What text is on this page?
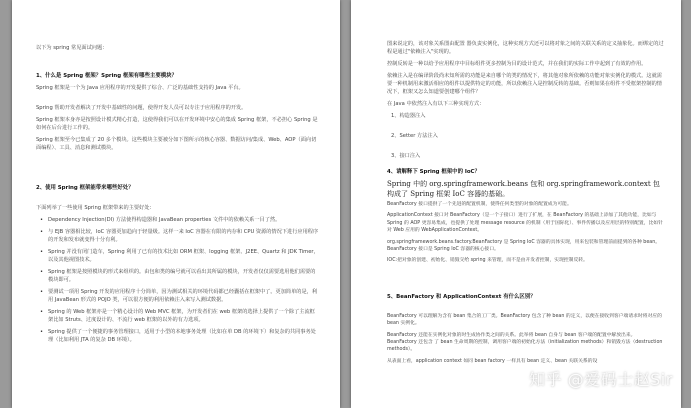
以下为 spring 常见面试问题：
1、什么是 Spring 框架？Spring 框架有哪些主要模块？
Spring 框架是一个为 Java 应用程序的开发提供了综合、广泛的基础性支持的 Java 平台。
Spring 帮助开发者解决了开发中基础性的问题，使得开发人员可以专注于应用程序的开发。
Spring 框架本身亦是按照设计模式精心打造，这使得我们可以在开发环境中安心的集成 Spring 框架，不必担心 Spring 是如何在后台进行工作的。
Spring 框架至今已集成了 20 多个模块。这些模块主要被分如下图所示的核心容器、数据访问/集成、Web、AOP（面向切面编程）、工具、消息和测试模块。
2、使用 Spring 框架能带来哪些好处？
下面列举了一些使用 Spring 框架带来的主要好处：
• Dependency Injection(DI) 方法使得构造器和 JavaBean properties 文件中的依赖关系一目了然。
• 与 EJB 容器相比较，IoC 容器更加趋向于轻量级。这样一来 IoC 容器在有限的内存和 CPU 资源的情况下进行应用程序的开发和发布就变得十分有利。
• Spring 并没有闭门造车，Spring 利用了已有的技术比如 ORM 框架、logging 框架、J2EE、Quartz 和 JDK Timer，以及其他视图技术。
• Spring 框架是按照模块的形式来组织的。由包和类的编号就可以看出其所属的模块，开发者仅仅需要选用他们需要的模块即可。
• 要测试一项用 Spring 开发的应用程序十分简单，因为测试相关的环境代码都已经囊括在框架中了。更加简单的是，利用 JavaBean 形式的 POJO 类，可以很方便的利用依赖注入来写入测试数据。
• Spring 的 Web 框架亦是一个精心设计的 Web MVC 框架，为开发者们在 web 框架的选择上提供了一个除了主流框架比如 Struts、过度设计的、不流行 web 框架的以外的有力选项。
• Spring 提供了一个便捷的事务管理接口，适用于小型的本地事务处理（比如在单 DB 的环境下）和复杂的共同事务处理（比如利用 JTA 的复杂 DB 环境）。
图来说定的，该对象关系图由配置 器负责实例化，这种实现方式还可以将对象之间的关联关系的定义抽象化。而绑定的过程是通过"依赖注入"实现的。
控制反转是一种以给予应用程序中目标组件更多控制为目的设计范式，并在我们的实际工作中起到了有效的作用。
依赖注入是在编译阶段尚未知所需的功能是来自哪个的类的情况下，将其他对象所依赖的功能对象实例化的模式。这就需要一种机制用来激活相应的组件以提供特定的功能，所以依赖注入是控制反转的基础。否则如果在组件不受框架控制的情况下，框架又怎么知道要创建哪个组件？
在 Java 中依然注入有以下三种实现方式：
1、构造器注入
2、Setter 方法注入
3、接口注入
4、请解释下 Spring 框架中的 IoC？
Spring 中的 org.springframework.beans 包和 org.springframework.context 包构成了 Spring 框架 IoC 容器的基础。
BeanFactory 接口提供了一个先进的配置机制，使得任何类型的对象的配置成为可能。
ApplicationContext 接口对 BeanFactory（是一个子接口）进行了扩展，在 BeanFactory 的基础上添加了其他功能，比如与 Spring 的 AOP 更容易集成，也提供了处理 message resource 的机制（用于国际化）、事件传播以及应用层的特别配置，比如针对 Web 应用的 WebApplicationContext。
org.springframework.beans.factory.BeanFactory 是 Spring IoC 容器的具体实现，用来包装和管理前面提到的各种 bean。BeanFactory 接口是 Spring IoC 容器的核心接口。
IOC:把对象的创建、初始化、销毁交给 spring 来管理，而不是由开发者控制，实现控制反转。
5、BeanFactory 和 ApplicationContext 有什么区别？
BeanFactory 可以理解为含有 bean 集合的工厂类。BeanFactory 包含了种 bean 的定义，以便在接收到客户端请求时将对应的 bean 实例化。
BeanFactory 还能在实例化对象的时生成协作类之间的关系。此举将 bean 自身与 bean 客户端的配置中解放出来。BeanFactory 还包含 了 bean 生命周期的控制，调用客户端的初始化方法（initialization methods）和销毁方法（destruction methods）。
从表面上看，application context 如同 bean factory 一样具有 bean 定义、bean 关联关系的设
知乎 @爱码士赵Sir
